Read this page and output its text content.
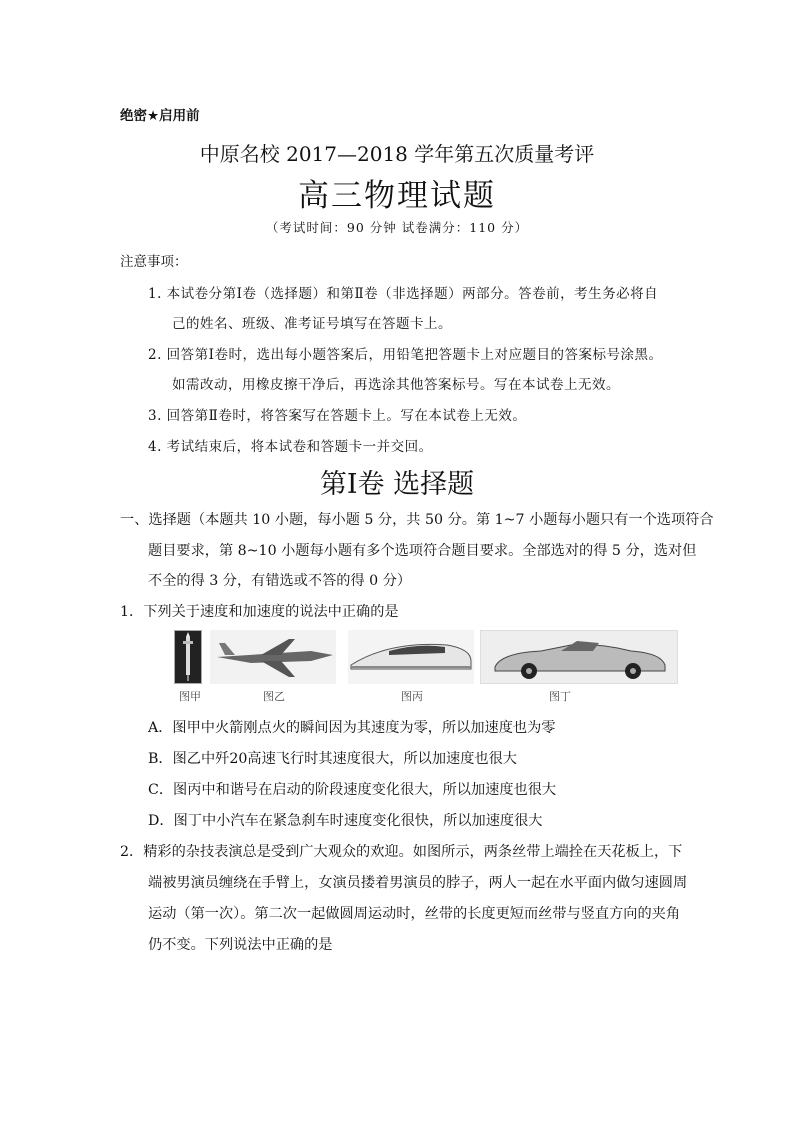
绝密★启用前
中原名校 2017—2018 学年第五次质量考评
高三物理试题
（考试时间：90 分钟 试卷满分：110 分）
注意事项：
1. 本试卷分第Ⅰ卷（选择题）和第Ⅱ卷（非选择题）两部分。答卷前，考生务必将自
己的姓名、班级、准考证号填写在答题卡上。
2. 回答第Ⅰ卷时，选出每小题答案后，用铅笔把答题卡上对应题目的答案标号涂黑。
如需改动，用橡皮擦干净后，再选涂其他答案标号。写在本试卷上无效。
3. 回答第Ⅱ卷时，将答案写在答题卡上。写在本试卷上无效。
4. 考试结束后，将本试卷和答题卡一并交回。
第Ⅰ卷 选择题
一、选择题（本题共 10 小题，每小题 5 分，共 50 分。第 1~7 小题每小题只有一个选项符合
题目要求，第 8~10 小题每小题有多个选项符合题目要求。全部选对的得 5 分，选对但
不全的得 3 分，有错选或不答的得 0 分）
1．下列关于速度和加速度的说法中正确的是
图甲	图乙	图丙	图丁
A．图甲中火箭刚点火的瞬间因为其速度为零，所以加速度也为零
B．图乙中歼20高速飞行时其速度很大，所以加速度也很大
C．图丙中和谐号在启动的阶段速度变化很大，所以加速度也很大
D．图丁中小汽车在紧急刹车时速度变化很快，所以加速度很大
2．精彩的杂技表演总是受到广大观众的欢迎。如图所示，两条丝带上端拴在天花板上，下
端被男演员缠绕在手臂上，女演员搂着男演员的脖子，两人一起在水平面内做匀速圆周
运动（第一次）。第二次一起做圆周运动时，丝带的长度更短而丝带与竖直方向的夹角
仍不变。下列说法中正确的是
